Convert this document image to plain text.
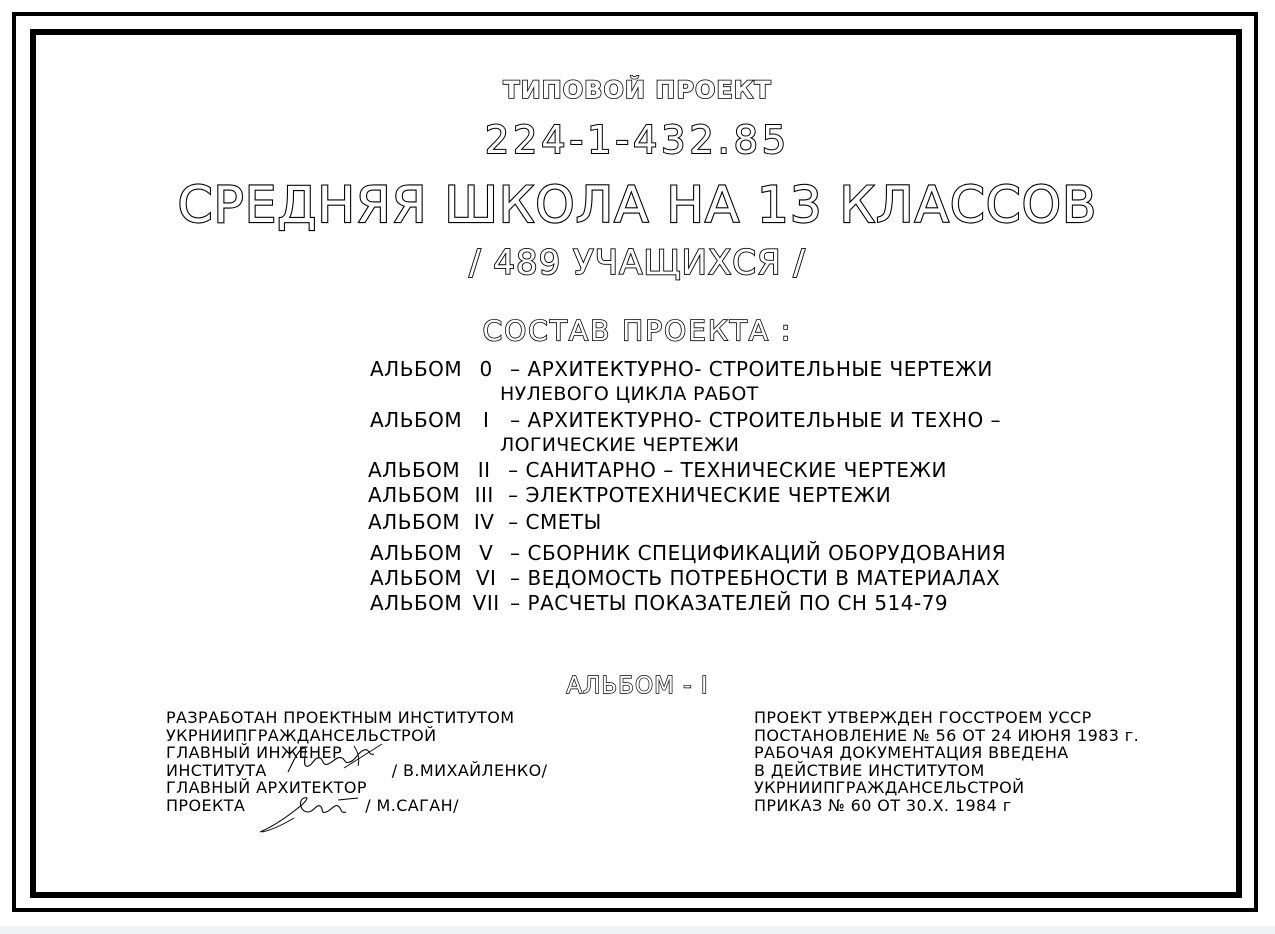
ТИПОВОЙ ПРОЕКТ
224-1-432.85
СРЕДНЯЯ ШКОЛА НА 13 КЛАССОВ
/ 489 УЧАЩИХСЯ /
СОСТАВ ПРОЕКТА :
АЛЬБОМ 0 – АРХИТЕКТУРНО- СТРОИТЕЛЬНЫЕ ЧЕРТЕЖИ
НУЛЕВОГО ЦИКЛА РАБОТ
АЛЬБОМ I – АРХИТЕКТУРНО- СТРОИТЕЛЬНЫЕ И ТЕХНО –
ЛОГИЧЕСКИЕ ЧЕРТЕЖИ
АЛЬБОМ II – САНИТАРНО – ТЕХНИЧЕСКИЕ ЧЕРТЕЖИ
АЛЬБОМ III – ЭЛЕКТРОТЕХНИЧЕСКИЕ ЧЕРТЕЖИ
АЛЬБОМ IV – СМЕТЫ
АЛЬБОМ V – СБОРНИК СПЕЦИФИКАЦИЙ ОБОРУДОВАНИЯ
АЛЬБОМ VI – ВЕДОМОСТЬ ПОТРЕБНОСТИ В МАТЕРИАЛАХ
АЛЬБОМ VII – РАСЧЕТЫ ПОКАЗАТЕЛЕЙ ПО СН 514-79
АЛЬБОМ - I
РАЗРАБОТАН ПРОЕКТНЫМ ИНСТИТУТОМ
УКРНИИПГРАЖДАНСЕЛЬСТРОЙ
ГЛАВНЫЙ ИНЖЕНЕР
ИНСТИТУТА	/ В.МИХАЙЛЕНКО/
ГЛАВНЫЙ АРХИТЕКТОР
ПРОЕКТА	/ М.САГАН/
ПРОЕКТ УТВЕРЖДЕН ГОССТРОЕМ УССР
ПОСТАНОВЛЕНИЕ № 56 ОТ 24 ИЮНЯ 1983 г.
РАБОЧАЯ ДОКУМЕНТАЦИЯ ВВЕДЕНА
В ДЕЙСТВИЕ ИНСТИТУТОМ
УКРНИИПГРАЖДАНСЕЛЬСТРОЙ
ПРИКАЗ № 60 ОТ 30.X. 1984 г
